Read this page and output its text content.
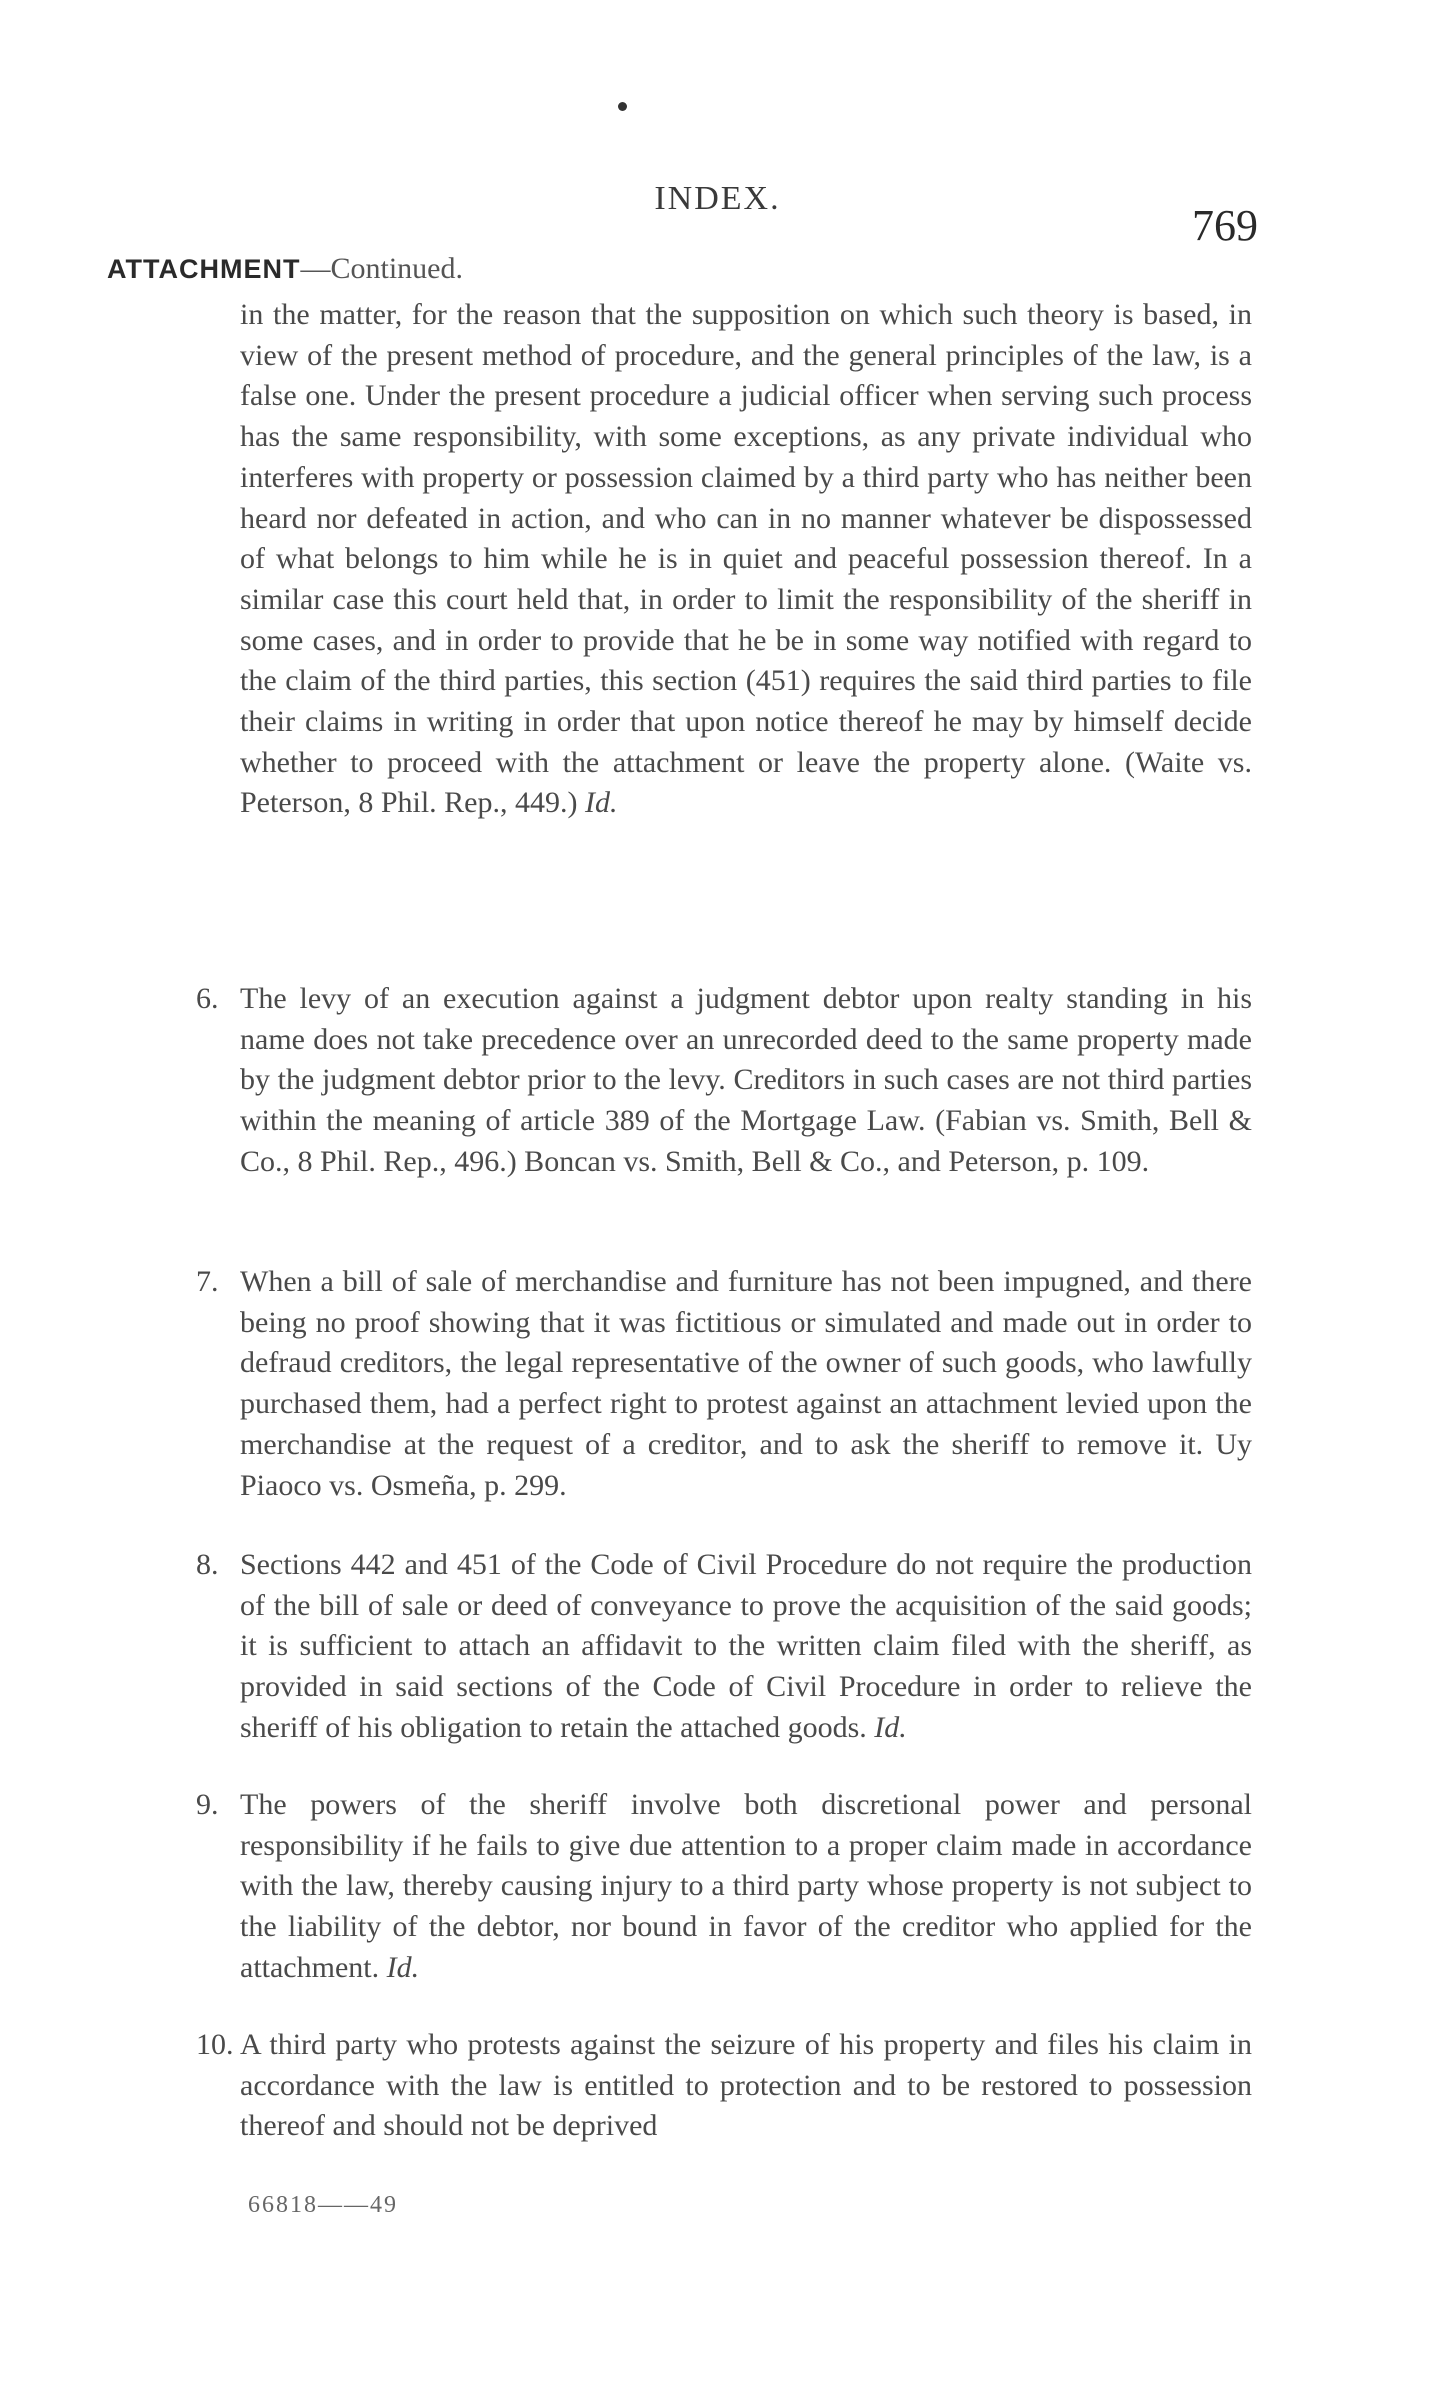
INDEX.
769
ATTACHMENT—Continued.
in the matter, for the reason that the supposition on which such theory is based, in view of the present method of procedure, and the general principles of the law, is a false one. Under the present procedure a judicial officer when serving such process has the same responsibility, with some exceptions, as any private individual who interferes with property or possession claimed by a third party who has neither been heard nor defeated in action, and who can in no manner whatever be dispossessed of what belongs to him while he is in quiet and peaceful possession thereof. In a similar case this court held that, in order to limit the responsibility of the sheriff in some cases, and in order to provide that he be in some way notified with regard to the claim of the third parties, this section (451) requires the said third parties to file their claims in writing in order that upon notice thereof he may by himself decide whether to proceed with the attachment or leave the property alone. (Waite vs. Peterson, 8 Phil. Rep., 449.) Id.
6. The levy of an execution against a judgment debtor upon realty standing in his name does not take precedence over an unrecorded deed to the same property made by the judgment debtor prior to the levy. Creditors in such cases are not third parties within the meaning of article 389 of the Mortgage Law. (Fabian vs. Smith, Bell & Co., 8 Phil. Rep., 496.) Boncan vs. Smith, Bell & Co., and Peterson, p. 109.
7. When a bill of sale of merchandise and furniture has not been impugned, and there being no proof showing that it was fictitious or simulated and made out in order to defraud creditors, the legal representative of the owner of such goods, who lawfully purchased them, had a perfect right to protest against an attachment levied upon the merchandise at the request of a creditor, and to ask the sheriff to remove it. Uy Piaoco vs. Osmeña, p. 299.
8. Sections 442 and 451 of the Code of Civil Procedure do not require the production of the bill of sale or deed of conveyance to prove the acquisition of the said goods; it is sufficient to attach an affidavit to the written claim filed with the sheriff, as provided in said sections of the Code of Civil Procedure in order to relieve the sheriff of his obligation to retain the attached goods. Id.
9. The powers of the sheriff involve both discretional power and personal responsibility if he fails to give due attention to a proper claim made in accordance with the law, thereby causing injury to a third party whose property is not subject to the liability of the debtor, nor bound in favor of the creditor who applied for the attachment. Id.
10. A third party who protests against the seizure of his property and files his claim in accordance with the law is entitled to protection and to be restored to possession thereof and should not be deprived
66818——49
